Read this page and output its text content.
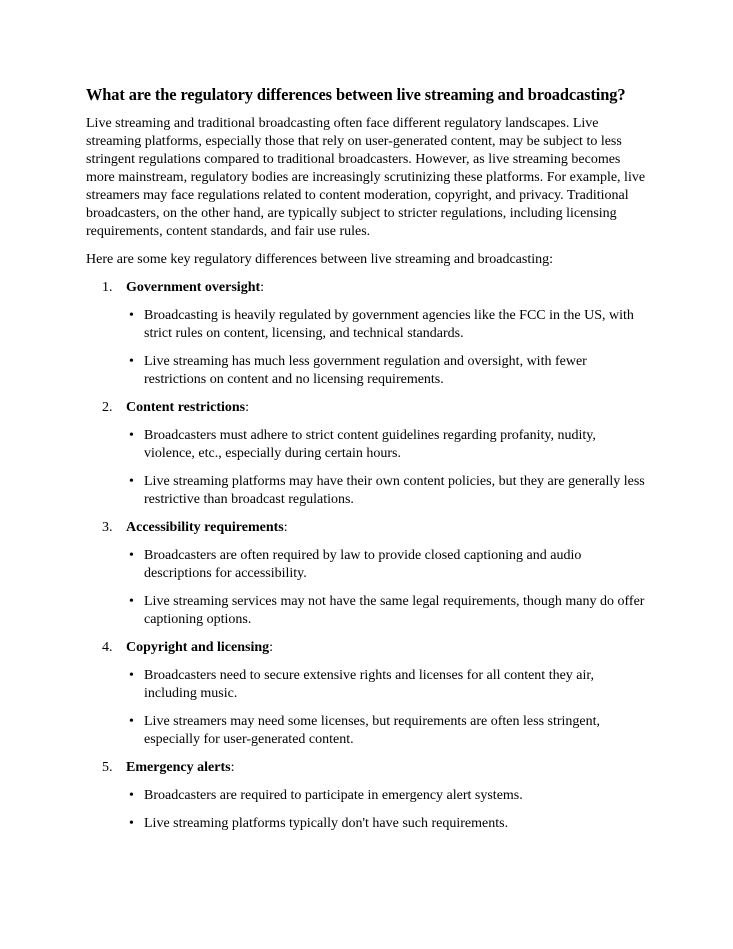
What are the regulatory differences between live streaming and broadcasting?

Live streaming and traditional broadcasting often face different regulatory landscapes. Live streaming platforms, especially those that rely on user-generated content, may be subject to less stringent regulations compared to traditional broadcasters. However, as live streaming becomes more mainstream, regulatory bodies are increasingly scrutinizing these platforms. For example, live streamers may face regulations related to content moderation, copyright, and privacy. Traditional broadcasters, on the other hand, are typically subject to stricter regulations, including licensing requirements, content standards, and fair use rules.

Here are some key regulatory differences between live streaming and broadcasting:

1. Government oversight:

• Broadcasting is heavily regulated by government agencies like the FCC in the US, with strict rules on content, licensing, and technical standards.

• Live streaming has much less government regulation and oversight, with fewer restrictions on content and no licensing requirements.

2. Content restrictions:

• Broadcasters must adhere to strict content guidelines regarding profanity, nudity, violence, etc., especially during certain hours.

• Live streaming platforms may have their own content policies, but they are generally less restrictive than broadcast regulations.

3. Accessibility requirements:

• Broadcasters are often required by law to provide closed captioning and audio descriptions for accessibility.

• Live streaming services may not have the same legal requirements, though many do offer captioning options.

4. Copyright and licensing:

• Broadcasters need to secure extensive rights and licenses for all content they air, including music.

• Live streamers may need some licenses, but requirements are often less stringent, especially for user-generated content.

5. Emergency alerts:

• Broadcasters are required to participate in emergency alert systems.

• Live streaming platforms typically don't have such requirements.
